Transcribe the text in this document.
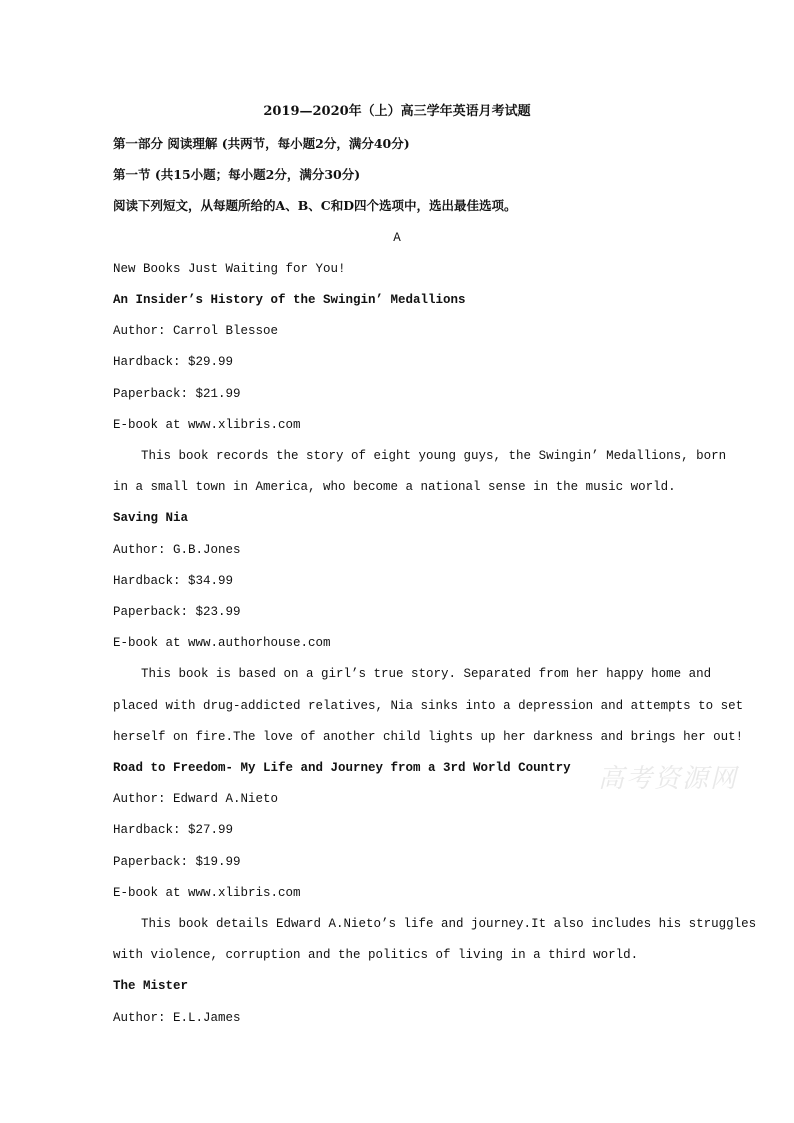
2019—2020年（上）高三学年英语月考试题
第一部分 阅读理解 (共两节，每小题2分，满分40分)
第一节 (共15小题；每小题2分，满分30分)
阅读下列短文，从每题所给的A、B、C和D四个选项中，选出最佳选项。
A
New Books Just Waiting for You!
An Insider’s History of the Swingin’ Medallions
Author: Carrol Blessoe
Hardback: $29.99
Paperback: $21.99
E-book at www.xlibris.com
This book records the story of eight young guys, the Swingin’ Medallions, born
in a small town in America, who become a national sense in the music world.
Saving Nia
Author: G.B.Jones
Hardback: $34.99
Paperback: $23.99
E-book at www.authorhouse.com
This book is based on a girl’s true story. Separated from her happy home and
placed with drug-addicted relatives, Nia sinks into a depression and attempts to set
herself on fire.The love of another child lights up her darkness and brings her out!
Road to Freedom- My Life and Journey from a 3rd World Country
Author: Edward A.Nieto
Hardback: $27.99
Paperback: $19.99
E-book at www.xlibris.com
This book details Edward A.Nieto’s life and journey.It also includes his struggles
with violence, corruption and the politics of living in a third world.
The Mister
Author: E.L.James
高考资源网
